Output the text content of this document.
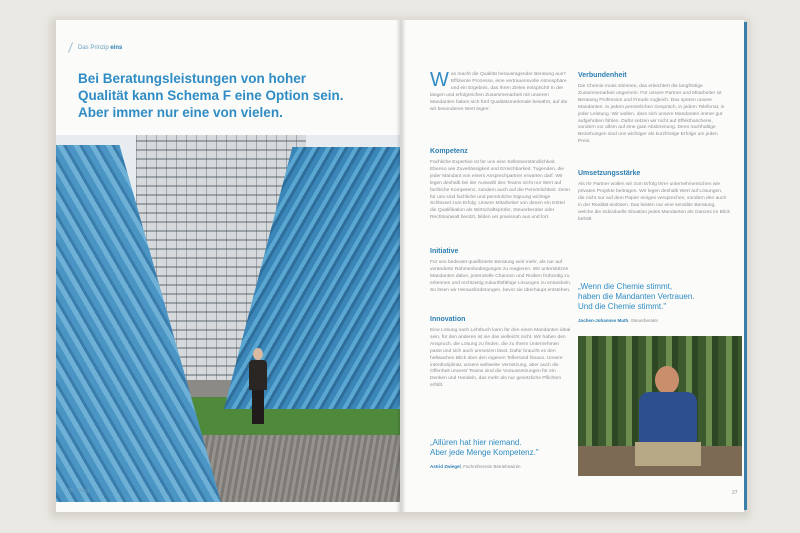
Das Prinzip eins
Bei Beratungsleistungen von hoher
Qualität kann Schema F eine Option sein.
Aber immer nur eine von vielen.
26 dhpg

Was macht die Qualität herausragender Beratung aus? Effiziente Prozesse, eine vertrauensvolle Atmosphäre und ein Ergebnis, das Ihren Zielen entspricht! In der langen und erfolgreichen Zusammenarbeit mit unseren Mandanten haben sich fünf Qualitätsmerkmale bewährt, auf die wir besonderen Wert legen:

Kompetenz

Fachliche Expertise ist für uns eine Selbstverständlichkeit. Ebenso wie Zuverlässigkeit und Erreichbarkeit. Tugenden, die jeder Mandant von einem Ansprechpartner erwarten darf. Wir legen deshalb bei der Auswahl des Teams nicht nur Wert auf fachliche Kompetenz, sondern auch auf die Persönlichkeit. Denn für uns sind fachliche und persönliche Eignung wichtige Schlüssel zum Erfolg. Unsere Mitarbeiter von denen ein Drittel die Qualifikation als Wirtschaftsprüfer, Steuerberater oder Rechtsanwalt besitzt, bilden wir praxisnah aus und fort.

Initiative

Für uns bedeutet qualifizierte Beratung weit mehr, als nur auf veränderte Rahmenbedingungen zu reagieren. Wir unterstützen Mandanten dabei, potenzielle Chancen und Risiken frühzeitig zu erkennen und rechtzeitig zukunftsfähige Lösungen zu entwickeln. So lösen wir Herausforderungen, bevor sie überhaupt entstehen.

Innovation

Eine Lösung nach Lehrbuch kann für den einen Mandanten ideal sein, für den anderen ist sie das vielleicht nicht. Wir haben den Anspruch, die Lösung zu finden, die zu Ihrem Unternehmen passt und sich auch umsetzen lässt. Dafür braucht es den hellwachen Blick über den eigenen Tellerrand hinaus. Unsere interdisziplinär, unsere weltweite Vernetzung, aber auch die Offenheit unserer Teams sind die Voraussetzungen für ein Denken und Handeln, das mehr als nur gesetzliche Pflichten erfüllt.

„Allüren hat hier niemand.
Aber jede Menge Kompetenz."

Astrid Zwiegel, Fachreferentin Betriebswirtin
Verbundenheit

Die Chemie muss stimmen, das erleichtert die langfristige Zusammenarbeit ungemein. Für unsere Partner und Mitarbeiter ist Beratung Profession und Freude zugleich. Das spüren unsere Mandanten. In jedem persönlichen Gespräch, in jedem Telefonat, in jeder Leistung. Wir wollen, dass sich unsere Mandanten immer gut aufgehoben fühlen. Dafür setzen wir nicht auf Effekthascherei, sondern vor allem auf eine gute Abstimmung. Denn nachhaltige Beziehungen sind uns wichtiger als kurzfristige Erfolge um jeden Preis.

Umsetzungsstärke

Als Ihr Partner wollen wir zum Erfolg Ihrer unternehmerischen wie privaten Projekte beitragen. Wir legen deshalb Wert auf Lösungen, die nicht nur auf dem Papier einiges versprechen, sondern den auch in der Realität einlösen. Das leisten nur eine sensible Beratung, welche die individuelle Situation jedes Mandanten als Ganzes im Blick behält.

„Wenn die Chemie stimmt,
haben die Mandanten Vertrauen.
Und die Chemie stimmt."

Jochen-Johannes Muth, Steuerberater
27
